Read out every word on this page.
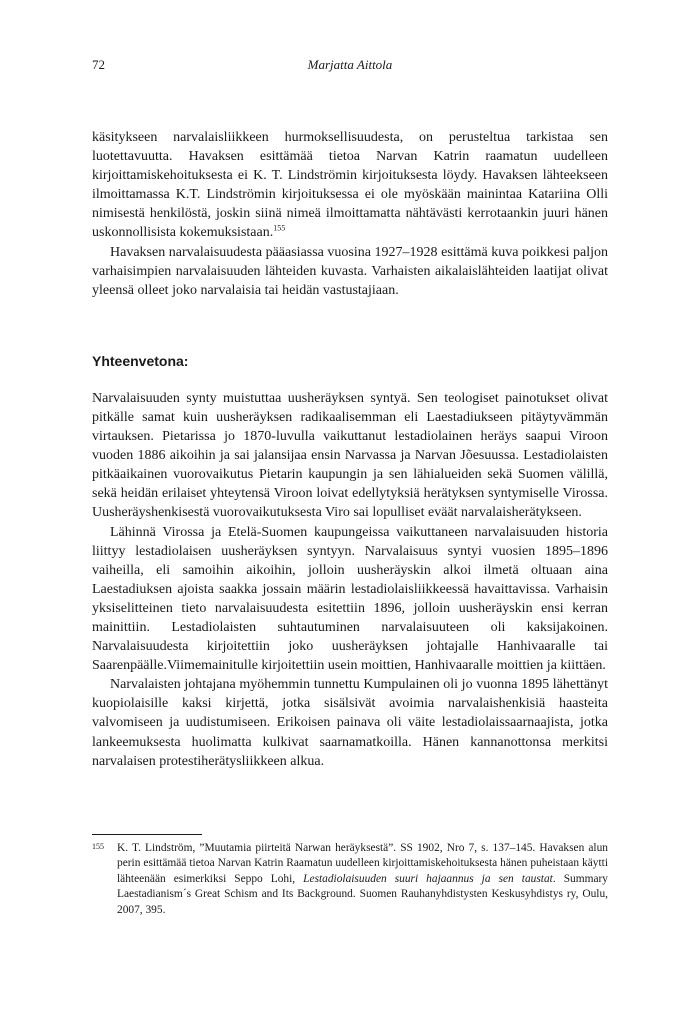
72	Marjatta Aittola

käsitykseen narvalaisliikkeen hurmoksellisuudesta, on perusteltua tarkistaa sen luotettavuutta. Havaksen esittämää tietoa Narvan Katrin raamatun uudelleen kirjoittamiskehoituksesta ei K. T. Lindströmin kirjoituksesta löydy. Havaksen lähteekseen ilmoittamassa K.T. Lindströmin kirjoituksessa ei ole myöskään mainintaa Katariina Olli nimisestä henkilöstä, joskin siinä nimeä ilmoittamatta nähtävästi kerrotaankin juuri hänen uskonnollisista kokemuksistaan.$^{155}$

Havaksen narvalaisuudesta pääasiassa vuosina 1927–1928 esittämä kuva poikkesi paljon varhaisimpien narvalaisuuden lähteiden kuvasta. Varhaisten aikalaislähteiden laatijat olivat yleensä olleet joko narvalaisia tai heidän vastustajiaan.

Yhteenvetona:

Narvalaisuuden synty muistuttaa uusheräyksen syntyä. Sen teologiset painotukset olivat pitkälle samat kuin uusheräyksen radikaalisemman eli Laestadiukseen pitäytyvämmän virtauksen. Pietarissa jo 1870-luvulla vaikuttanut lestadiolainen heräys saapui Viroon vuoden 1886 aikoihin ja sai jalansijaa ensin Narvassa ja Narvan Jõesuussa. Lestadiolaisten pitkäaikainen vuorovaikutus Pietarin kaupungin ja sen lähialueiden sekä Suomen välillä, sekä heidän erilaiset yhteytensä Viroon loivat edellytyksiä herätyksen syntymiselle Virossa. Uusheräyshenkisestä vuorovaikutuksesta Viro sai lopulliset eväät narvalaisherätykseen.

Lähinnä Virossa ja Etelä-Suomen kaupungeissa vaikuttaneen narvalaisuuden historia liittyy lestadiolaisen uusheräyksen syntyyn. Narvalaisuus syntyi vuosien 1895–1896 vaiheilla, eli samoihin aikoihin, jolloin uusheräyskin alkoi ilmetä oltuaan aina Laestadiuksen ajoista saakka jossain määrin lestadiolaisliikkeessä havaittavissa. Varhaisin yksiselitteinen tieto narvalaisuudesta esitettiin 1896, jolloin uusheräyskin ensi kerran mainittiin. Lestadiolaisten suhtautuminen narvalaisuuteen oli kaksijakoinen. Narvalaisuudesta kirjoitettiin joko uusheräyksen johtajalle Hanhivaaralle tai Saarenpäälle.Viimemainitulle kirjoitettiin usein moittien, Hanhivaaralle moittien ja kiittäen.

Narvalaisten johtajana myöhemmin tunnettu Kumpulainen oli jo vuonna 1895 lähettänyt kuopiolaisille kaksi kirjettä, jotka sisälsivät avoimia narvalaishenkisiä haasteita valvomiseen ja uudistumiseen. Erikoisen painava oli väite lestadiolaissaarnaajista, jotka lankeemuksesta huolimatta kulkivat saarnamatkoilla. Hänen kannanottonsa merkitsi narvalaisen protestiherätysliikkeen alkua.

155 K. T. Lindström, ”Muutamia piirteitä Narwan heräyksestä”. SS 1902, Nro 7, s. 137–145. Havaksen alun perin esittämää tietoa Narvan Katrin Raamatun uudelleen kirjoittamiskehoituksesta hänen puheistaan käytti lähteenään esimerkiksi Seppo Lohi, Lestadiolaisuuden suuri hajaannus ja sen taustat. Summary Laestadianism´s Great Schism and Its Background. Suomen Rauhanyhdistysten Keskusyhdistys ry, Oulu, 2007, 395.
